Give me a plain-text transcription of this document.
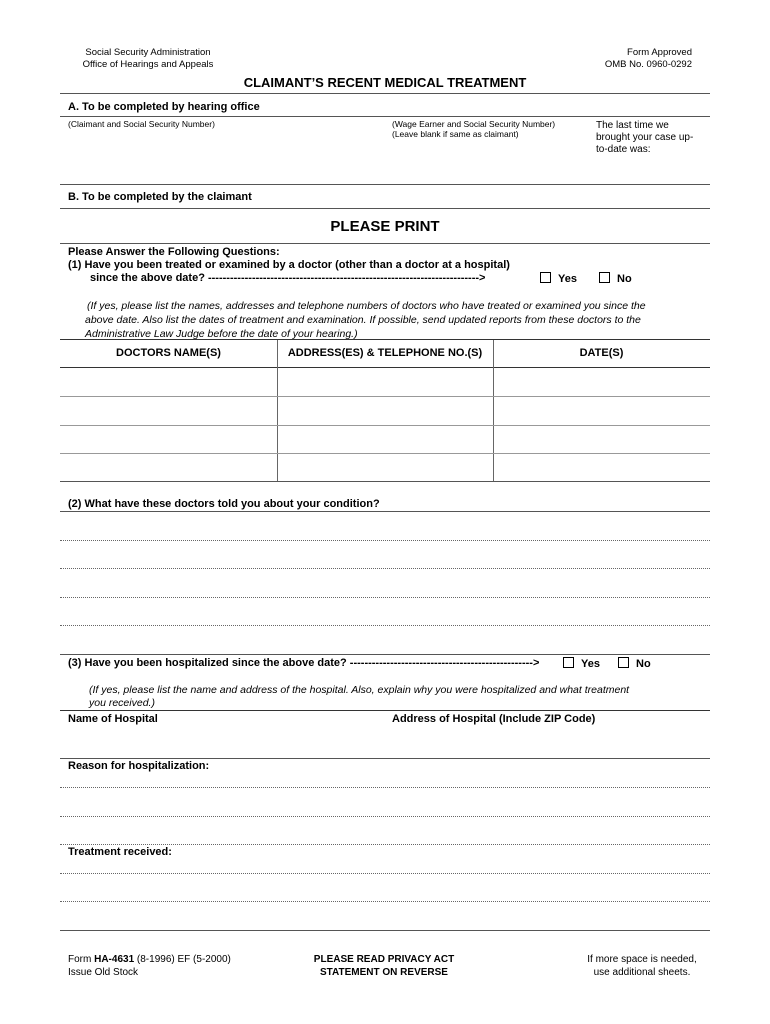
Social Security Administration
Office of Hearings and Appeals
Form Approved
OMB No. 0960-0292
CLAIMANT’S RECENT MEDICAL TREATMENT
A. To be completed by hearing office
(Claimant and Social Security Number)	(Wage Earner and Social Security Number)
(Leave blank if same as claimant)
The last time we
brought your case up-
to-date was:
B. To be completed by the claimant
PLEASE PRINT
Please Answer the Following Questions:
(1) Have you been treated or examined by a doctor (other than a doctor at a hospital)
since the above date? -------------------------------------------------------------------------->	Yes	No
(If yes, please list the names, addresses and telephone numbers of doctors who have treated or examined you since the
above date. Also list the dates of treatment and examination. If possible, send updated reports from these doctors to the
Administrative Law Judge before the date of your hearing.)
DOCTORS NAME(S)	ADDRESS(ES) & TELEPHONE NO.(S)	DATE(S)
(2) What have these doctors told you about your condition?
(3) Have you been hospitalized since the above date? -------------------------------------------------->	Yes	No
(If yes, please list the name and address of the hospital. Also, explain why you were hospitalized and what treatment
you received.)
Name of Hospital	Address of Hospital (Include ZIP Code)
Reason for hospitalization:
Treatment received:
Form HA-4631 (8-1996) EF (5-2000)
Issue Old Stock
PLEASE READ PRIVACY ACT
STATEMENT ON REVERSE
If more space is needed,
use additional sheets.
